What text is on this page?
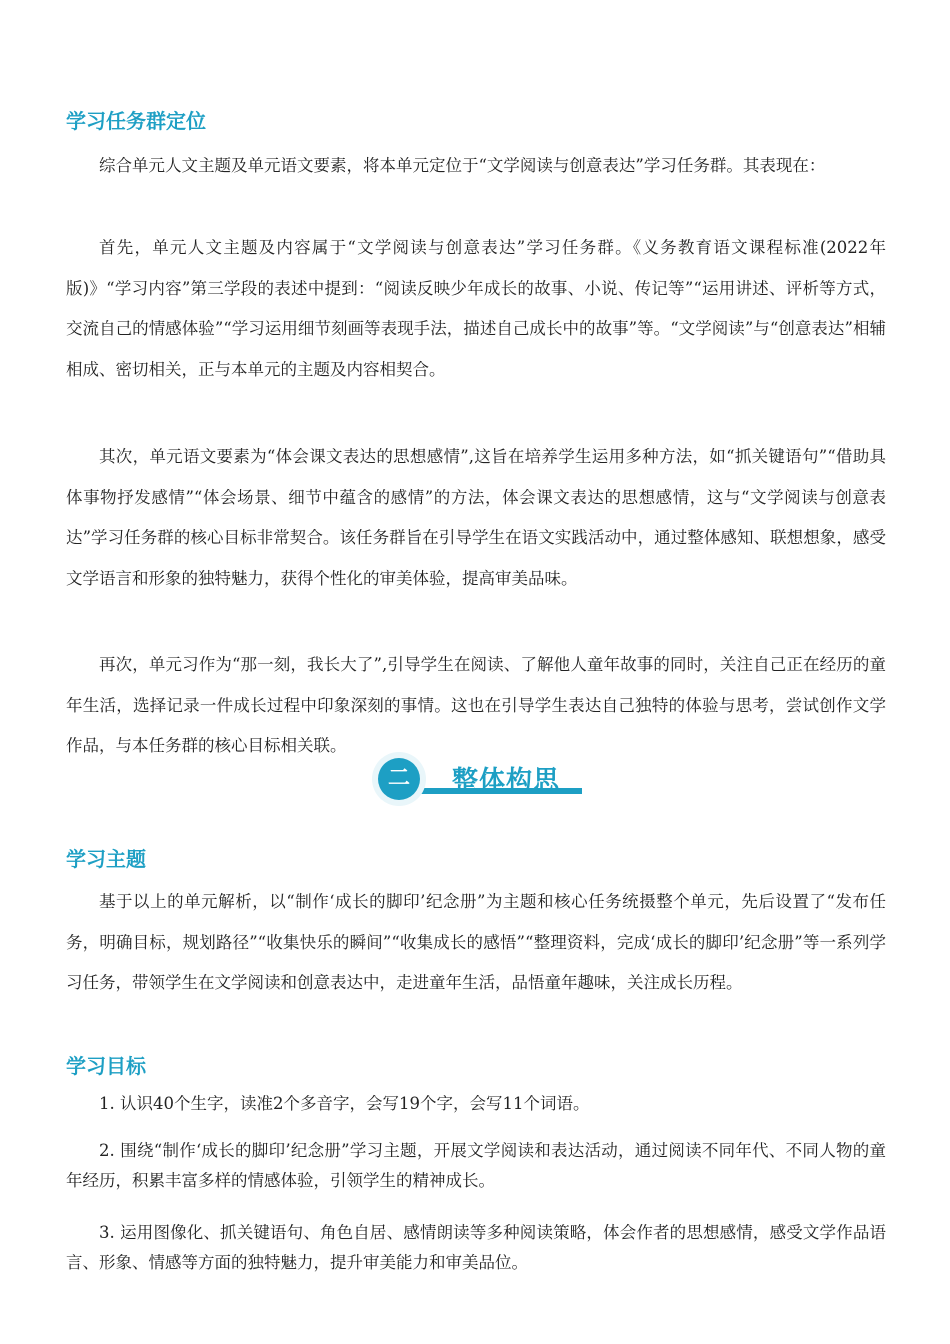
学习任务群定位

综合单元人文主题及单元语文要素，将本单元定位于“文学阅读与创意表达”学习任务群。其表现在：

首先，单元人文主题及内容属于“文学阅读与创意表达”学习任务群。《义务教育语文课程标准(2022年版)》“学习内容”第三学段的表述中提到：“阅读反映少年成长的故事、小说、传记等”“运用讲述、评析等方式，交流自己的情感体验”“学习运用细节刻画等表现手法，描述自己成长中的故事”等。“文学阅读”与“创意表达”相辅相成、密切相关，正与本单元的主题及内容相契合。

其次，单元语文要素为“体会课文表达的思想感情”,这旨在培养学生运用多种方法，如“抓关键语句”“借助具体事物抒发感情”“体会场景、细节中蕴含的感情”的方法，体会课文表达的思想感情，这与“文学阅读与创意表达”学习任务群的核心目标非常契合。该任务群旨在引导学生在语文实践活动中，通过整体感知、联想想象，感受文学语言和形象的独特魅力，获得个性化的审美体验，提高审美品味。

再次，单元习作为“那一刻，我长大了”,引导学生在阅读、了解他人童年故事的同时，关注自己正在经历的童年生活，选择记录一件成长过程中印象深刻的事情。这也在引导学生表达自己独特的体验与思考，尝试创作文学作品，与本任务群的核心目标相关联。

二	整体构思
学习主题

基于以上的单元解析，以“制作‘成长的脚印’纪念册”为主题和核心任务统摄整个单元，先后设置了“发布任务，明确目标，规划路径”“收集快乐的瞬间”“收集成长的感悟”“整理资料，完成‘成长的脚印’纪念册”等一系列学习任务，带领学生在文学阅读和创意表达中，走进童年生活，品悟童年趣味，关注成长历程。

学习目标

1. 认识40个生字，读准2个多音字，会写19个字，会写11个词语。

2. 围绕“制作‘成长的脚印’纪念册”学习主题，开展文学阅读和表达活动，通过阅读不同年代、不同人物的童年经历，积累丰富多样的情感体验，引领学生的精神成长。

3. 运用图像化、抓关键语句、角色自居、感情朗读等多种阅读策略，体会作者的思想感情，感受文学作品语言、形象、情感等方面的独特魅力，提升审美能力和审美品位。
